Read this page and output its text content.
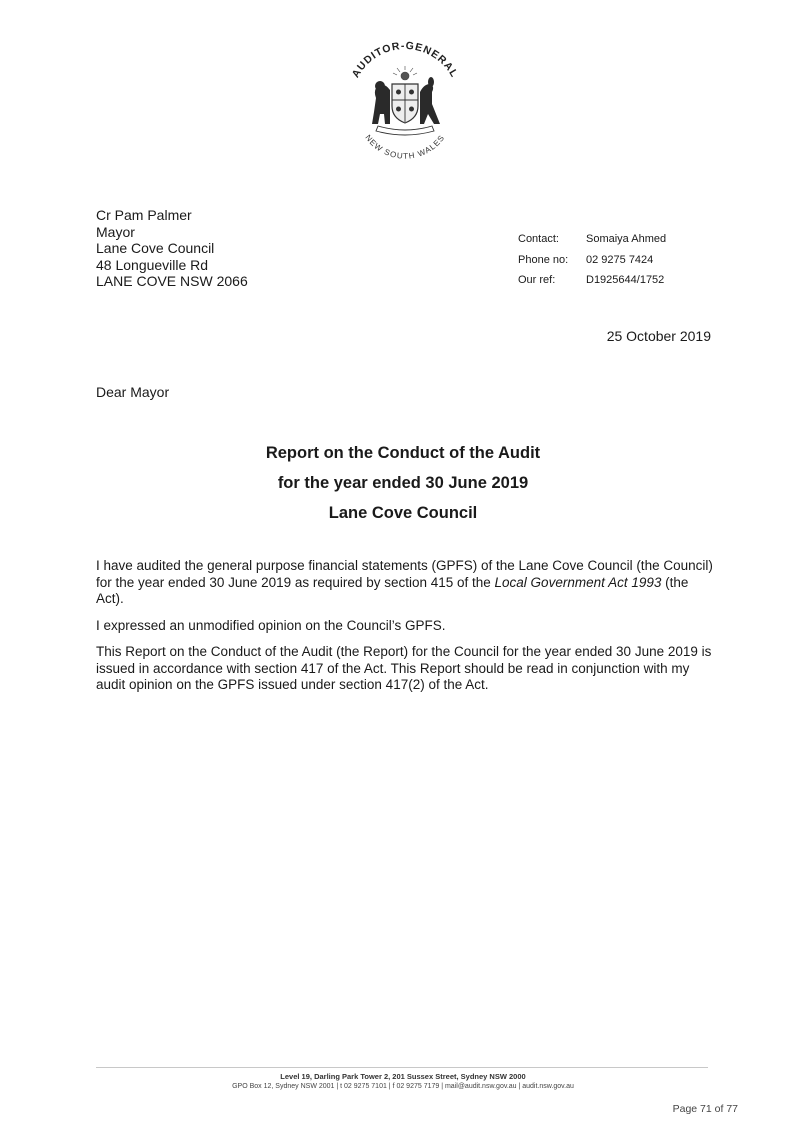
AUDITOR-GENERAL
NEW SOUTH WALES
Cr Pam Palmer
Mayor
Lane Cove Council
48 Longueville Rd
LANE COVE NSW 2066
Contact:	Somaiya Ahmed
Phone no:	02 9275 7424
Our ref:	D1925644/1752
25 October 2019
Dear Mayor
Report on the Conduct of the Audit
for the year ended 30 June 2019
Lane Cove Council

I have audited the general purpose financial statements (GPFS) of the Lane Cove Council (the Council) for the year ended 30 June 2019 as required by section 415 of the Local Government Act 1993 (the Act).

I expressed an unmodified opinion on the Council’s GPFS.

This Report on the Conduct of the Audit (the Report) for the Council for the year ended 30 June 2019 is issued in accordance with section 417 of the Act. This Report should be read in conjunction with my audit opinion on the GPFS issued under section 417(2) of the Act.

Level 19, Darling Park Tower 2, 201 Sussex Street, Sydney NSW 2000
GPO Box 12, Sydney NSW 2001 | t 02 9275 7101 | f 02 9275 7179 | mail@audit.nsw.gov.au | audit.nsw.gov.au
Page 71 of 77
